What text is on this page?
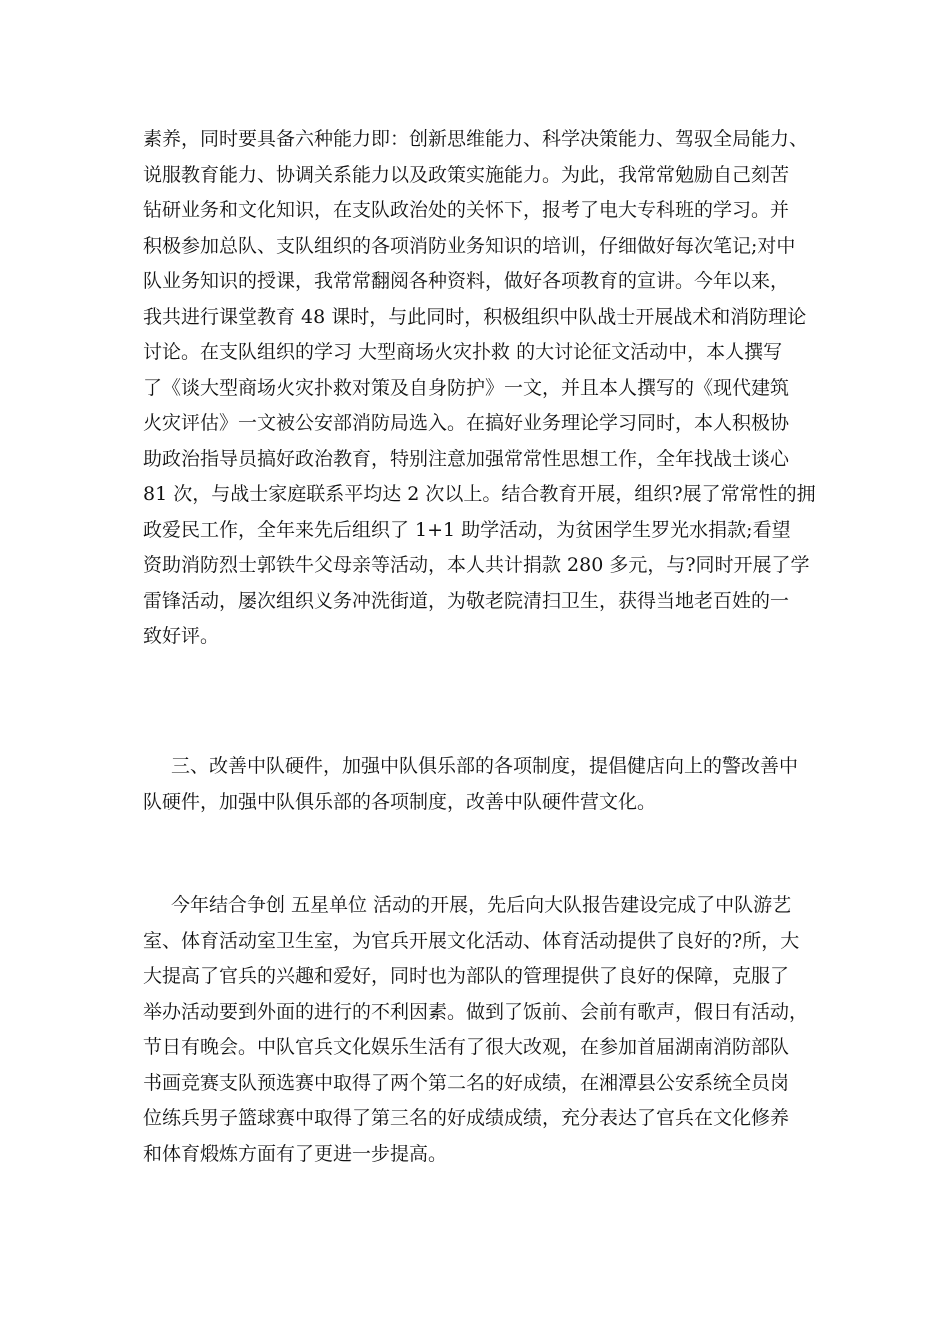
素养，同时要具备六种能力即：创新思维能力、科学决策能力、驾驭全局能力、
说服教育能力、协调关系能力以及政策实施能力。为此，我常常勉励自己刻苦
钻研业务和文化知识，在支队政治处的关怀下，报考了电大专科班的学习。并
积极参加总队、支队组织的各项消防业务知识的培训，仔细做好每次笔记;对中
队业务知识的授课，我常常翻阅各种资料，做好各项教育的宣讲。今年以来，
我共进行课堂教育 48 课时，与此同时，积极组织中队战士开展战术和消防理论
讨论。在支队组织的学习 大型商场火灾扑救 的大讨论征文活动中，本人撰写
了《谈大型商场火灾扑救对策及自身防护》一文，并且本人撰写的《现代建筑
火灾评估》一文被公安部消防局选入。在搞好业务理论学习同时，本人积极协
助政治指导员搞好政治教育，特别注意加强常常性思想工作，全年找战士谈心
81 次，与战士家庭联系平均达 2 次以上。结合教育开展，组织?展了常常性的拥
政爱民工作，全年来先后组织了 1+1 助学活动，为贫困学生罗光水捐款;看望
资助消防烈士郭铁牛父母亲等活动，本人共计捐款 280 多元，与?同时开展了学
雷锋活动，屡次组织义务冲洗街道，为敬老院清扫卫生，获得当地老百姓的一
致好评。
三、改善中队硬件，加强中队俱乐部的各项制度，提倡健店向上的警改善中
队硬件，加强中队俱乐部的各项制度，改善中队硬件营文化。
今年结合争创 五星单位 活动的开展，先后向大队报告建设完成了中队游艺
室、体育活动室卫生室，为官兵开展文化活动、体育活动提供了良好的?所，大
大提高了官兵的兴趣和爱好，同时也为部队的管理提供了良好的保障，克服了
举办活动要到外面的进行的不利因素。做到了饭前、会前有歌声，假日有活动，
节日有晚会。中队官兵文化娱乐生活有了很大改观，在参加首届湖南消防部队
书画竞赛支队预选赛中取得了两个第二名的好成绩，在湘潭县公安系统全员岗
位练兵男子篮球赛中取得了第三名的好成绩成绩，充分表达了官兵在文化修养
和体育煅炼方面有了更进一步提高。
